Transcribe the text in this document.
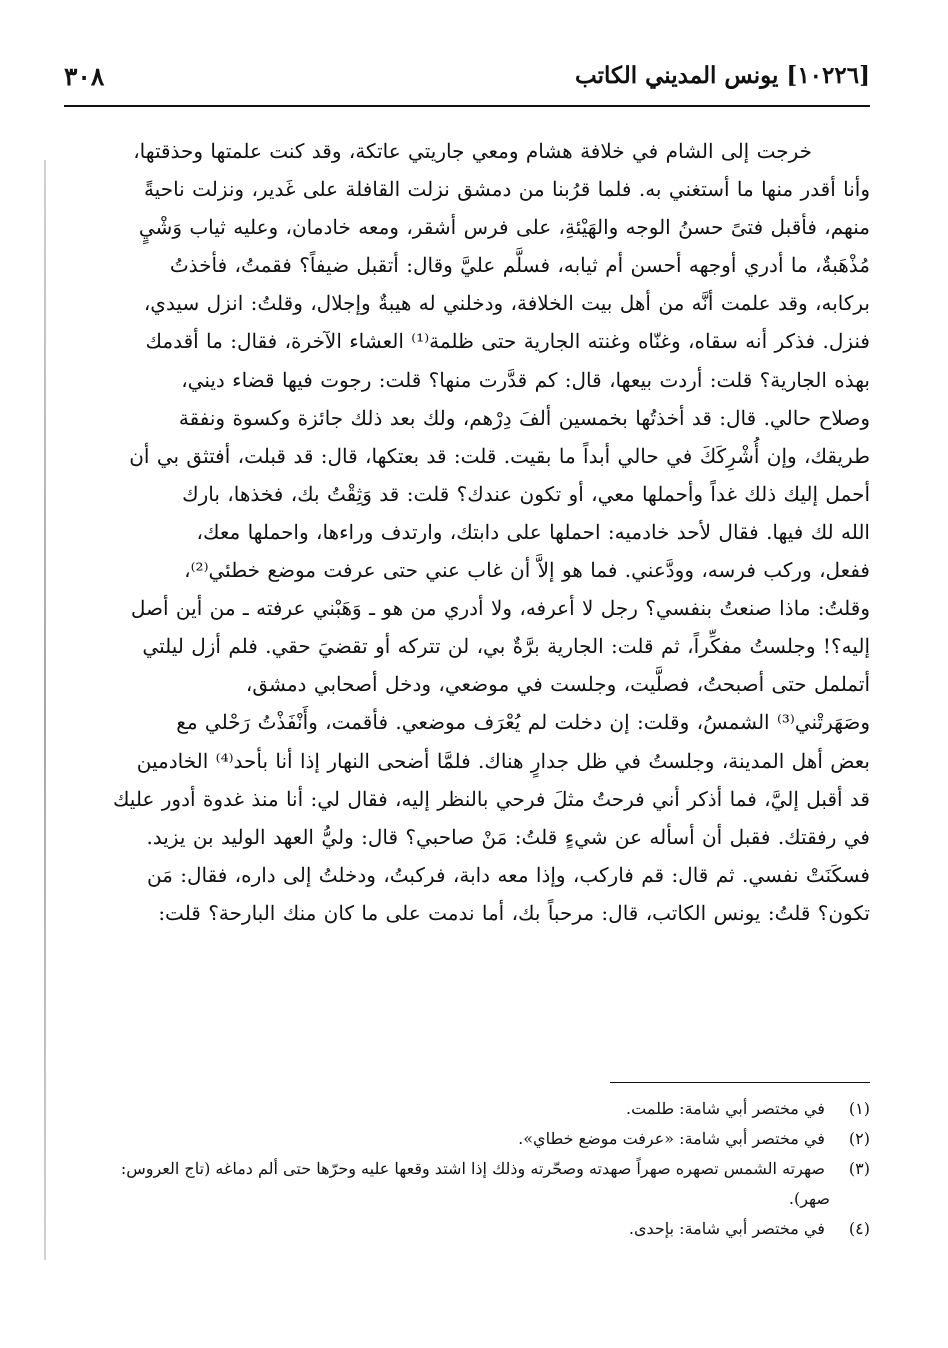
[١٠٢٢٦] يونس المديني الكاتب
٣٠٨
خرجت إلى الشام في خلافة هشام ومعي جاريتي عاتكة، وقد كنت علمتها وحذقتها،
وأنا أقدر منها ما أستغني به. فلما قرُبنا من دمشق نزلت القافلة على غَدير، ونزلت ناحيةً
منهم، فأقبل فتىً حسنُ الوجه والهَيْئةِ، على فرس أشقر، ومعه خادمان، وعليه ثياب وَشْيٍ
مُذْهَبةٌ، ما أدري أوجهه أحسن أم ثيابه، فسلَّم عليَّ وقال: أتقبل ضيفاً؟ فقمتُ، فأخذتُ
بركابه، وقد علمت أنَّه من أهل بيت الخلافة، ودخلني له هيبةٌ وإجلال، وقلتُ: انزل سيدي،
فنزل. فذكر أنه سقاه، وغنّاه وغنته الجارية حتى ظلمة⁽¹⁾ العشاء الآخرة، فقال: ما أقدمك
بهذه الجارية؟ قلت: أردت بيعها، قال: كم قدَّرت منها؟ قلت: رجوت فيها قضاء ديني،
وصلاح حالي. قال: قد أخذتُها بخمسين ألفَ دِرْهم، ولك بعد ذلك جائزة وكسوة ونفقة
طريقك، وإن أُشْرِكَكَ في حالي أبداً ما بقيت. قلت: قد بعتكها، قال: قد قبلت، أفتثق بي أن
أحمل إليك ذلك غداً وأحملها معي، أو تكون عندك؟ قلت: قد وَثِقْتُ بك، فخذها، بارك
الله لك فيها. فقال لأحد خادميه: احملها على دابتك، وارتدف وراءها، واحملها معك،
ففعل، وركب فرسه، وودَّعني. فما هو إلاَّ أن غاب عني حتى عرفت موضع خطئي⁽²⁾،
وقلتُ: ماذا صنعتُ بنفسي؟ رجل لا أعرفه، ولا أدري من هو ـ وَهَبْني عرفته ـ من أين أصل
إليه؟! وجلستُ مفكِّراً، ثم قلت: الجارية برَّةٌ بي، لن تتركه أو تقضيَ حقي. فلم أزل ليلتي
أتململ حتى أصبحتُ، فصلَّيت، وجلست في موضعي، ودخل أصحابي دمشق،
وصَهَرتْني⁽³⁾ الشمسُ، وقلت: إن دخلت لم يُعْرَف موضعي. فأقمت، وأَنْفَذْتُ رَحْلي مع
بعض أهل المدينة، وجلستُ في ظل جدارٍ هناك. فلمَّا أضحى النهار إذا أنا بأحد⁽⁴⁾ الخادمين
قد أقبل إليَّ، فما أذكر أني فرحتُ مثلَ فرحي بالنظر إليه، فقال لي: أنا منذ غدوة أدور عليك
في رفقتك. فقبل أن أسأله عن شيءٍ قلتُ: مَنْ صاحبي؟ قال: وليُّ العهد الوليد بن يزيد.
فسكَنَتْ نفسي. ثم قال: قم فاركب، وإذا معه دابة، فركبتُ، ودخلتُ إلى داره، فقال: مَن
تكون؟ قلتُ: يونس الكاتب، قال: مرحباً بك، أما ندمت على ما كان منك البارحة؟ قلت:
(١) في مختصر أبي شامة: طلمت.
(٢) في مختصر أبي شامة: «عرفت موضع خطاي».
(٣) صهرته الشمس تصهره صهراً صهدته وصحّرته وذلك إذا اشتد وقعها عليه وحرّها حتى ألم دماغه (تاج العروس:
صهر).
(٤) في مختصر أبي شامة: بإحدى.
